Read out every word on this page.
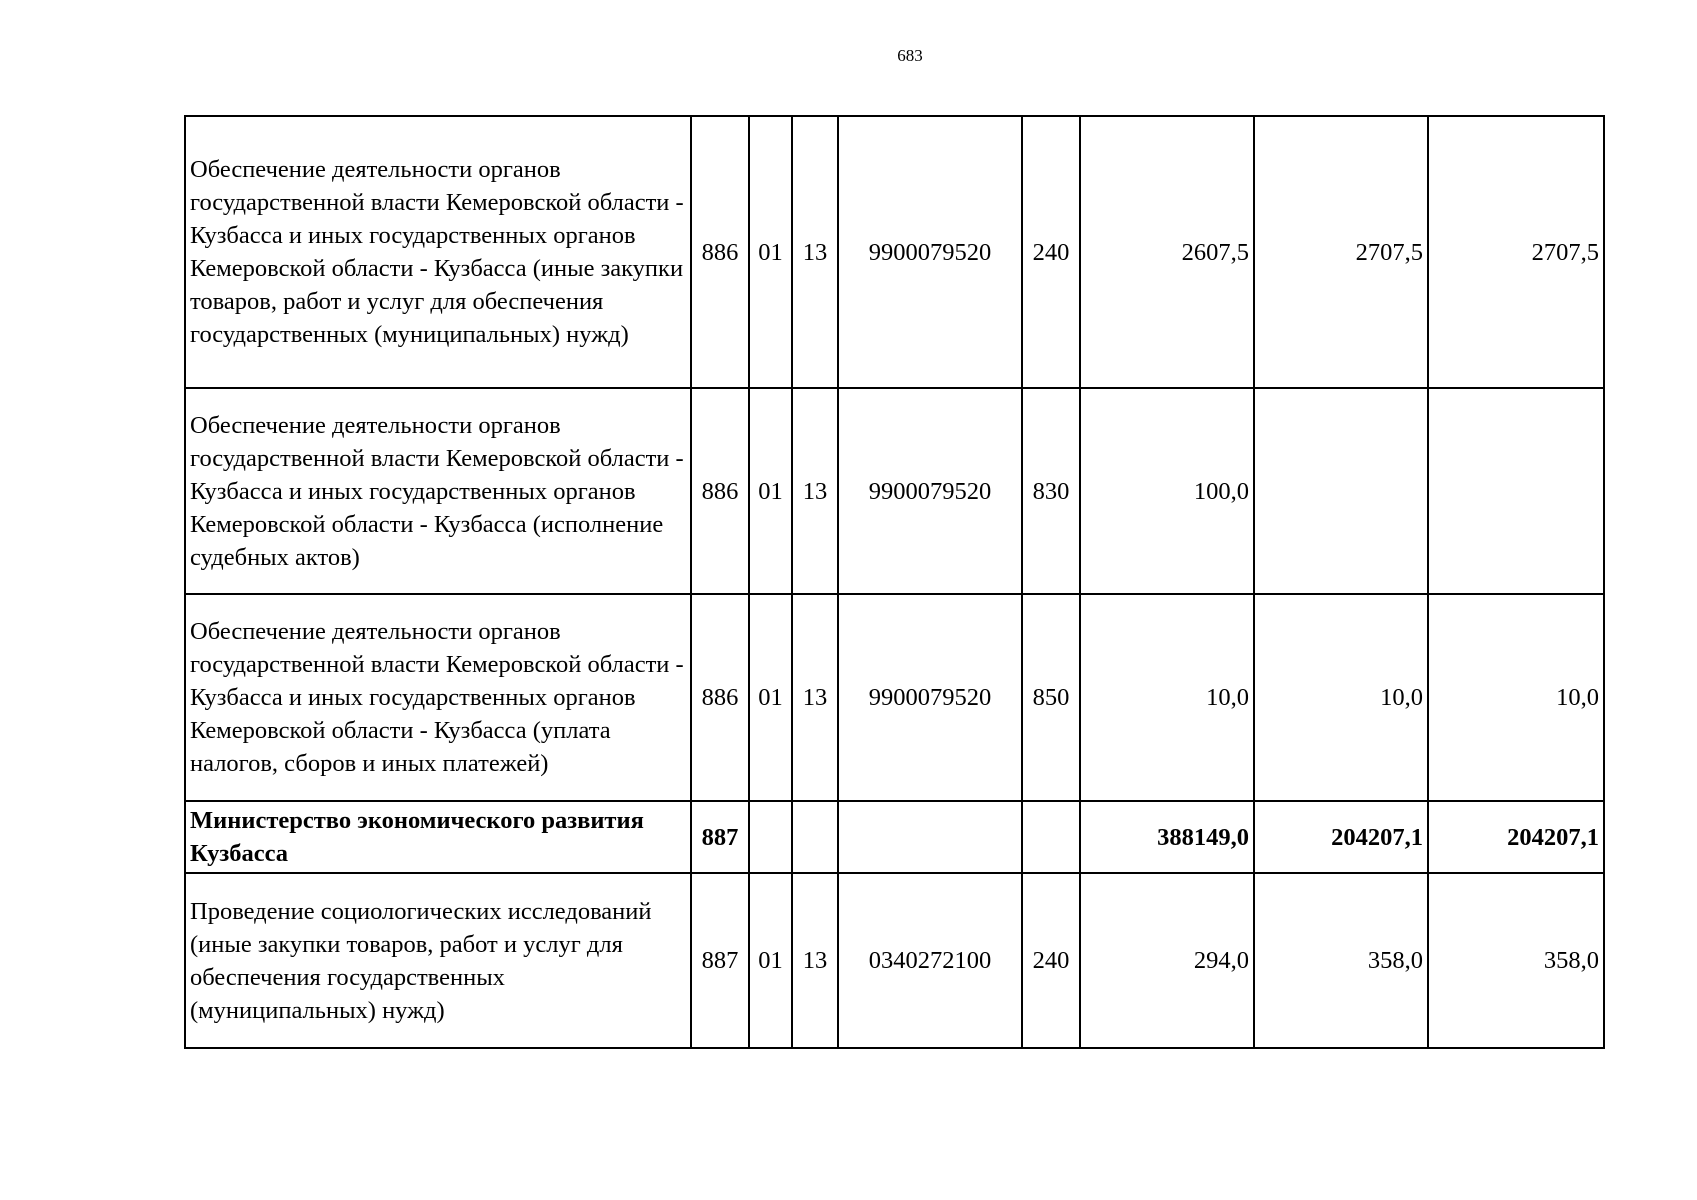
683
Обеспечение деятельности органов государственной власти Кемеровской области - Кузбасса и иных государственных органов Кемеровской области - Кузбасса (иные закупки товаров, работ и услуг для обеспечения государственных (муниципальных) нужд)	886	01	13	9900079520	240	2607,5	2707,5	2707,5
Обеспечение деятельности органов государственной власти Кемеровской области - Кузбасса и иных государственных органов Кемеровской области - Кузбасса (исполнение судебных актов)	886	01	13	9900079520	830	100,0		
Обеспечение деятельности органов государственной власти Кемеровской области - Кузбасса и иных государственных органов Кемеровской области - Кузбасса (уплата налогов, сборов и иных платежей)	886	01	13	9900079520	850	10,0	10,0	10,0
Министерство экономического развития Кузбасса	887					388149,0	204207,1	204207,1
Проведение социологических исследований (иные закупки товаров, работ и услуг для обеспечения государственных (муниципальных) нужд)	887	01	13	0340272100	240	294,0	358,0	358,0
